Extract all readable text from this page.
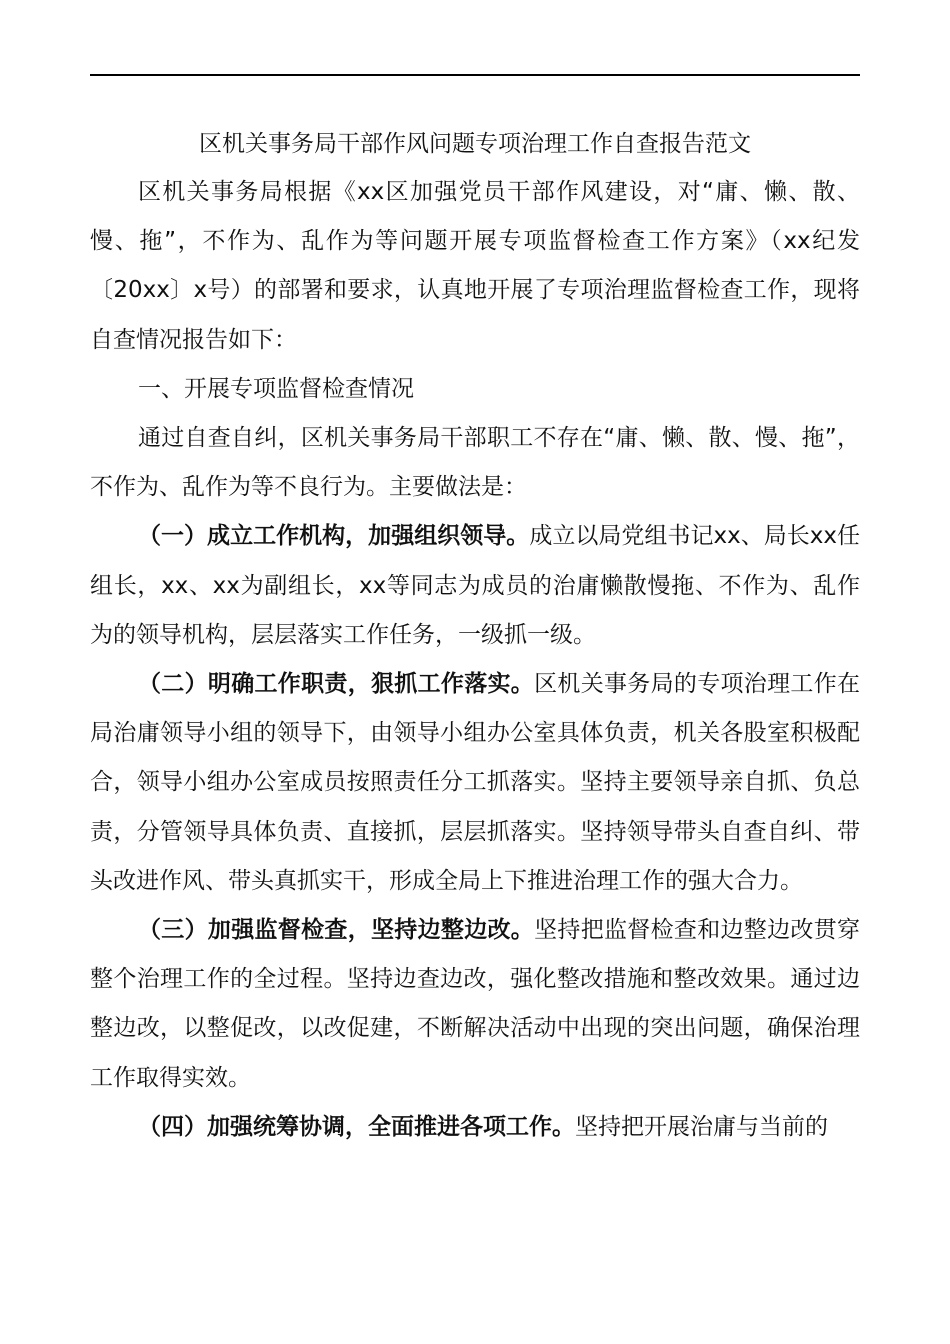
区机关事务局干部作风问题专项治理工作自查报告范文

区机关事务局根据《xx区加强党员干部作风建设，对“庸、懒、散、慢、拖”，不作为、乱作为等问题开展专项监督检查工作方案》（xx纪发〔20xx〕x号）的部署和要求，认真地开展了专项治理监督检查工作，现将自查情况报告如下：

一、开展专项监督检查情况

通过自查自纠，区机关事务局干部职工不存在“庸、懒、散、慢、拖”，不作为、乱作为等不良行为。主要做法是：

（一）成立工作机构，加强组织领导。成立以局党组书记xx、局长xx任组长，xx、xx为副组长，xx等同志为成员的治庸懒散慢拖、不作为、乱作为的领导机构，层层落实工作任务，一级抓一级。

（二）明确工作职责，狠抓工作落实。区机关事务局的专项治理工作在局治庸领导小组的领导下，由领导小组办公室具体负责，机关各股室积极配合，领导小组办公室成员按照责任分工抓落实。坚持主要领导亲自抓、负总责，分管领导具体负责、直接抓，层层抓落实。坚持领导带头自查自纠、带头改进作风、带头真抓实干，形成全局上下推进治理工作的强大合力。

（三）加强监督检查，坚持边整边改。坚持把监督检查和边整边改贯穿整个治理工作的全过程。坚持边查边改，强化整改措施和整改效果。通过边整边改，以整促改，以改促建，不断解决活动中出现的突出问题，确保治理工作取得实效。

（四）加强统筹协调，全面推进各项工作。坚持把开展治庸与当前的
